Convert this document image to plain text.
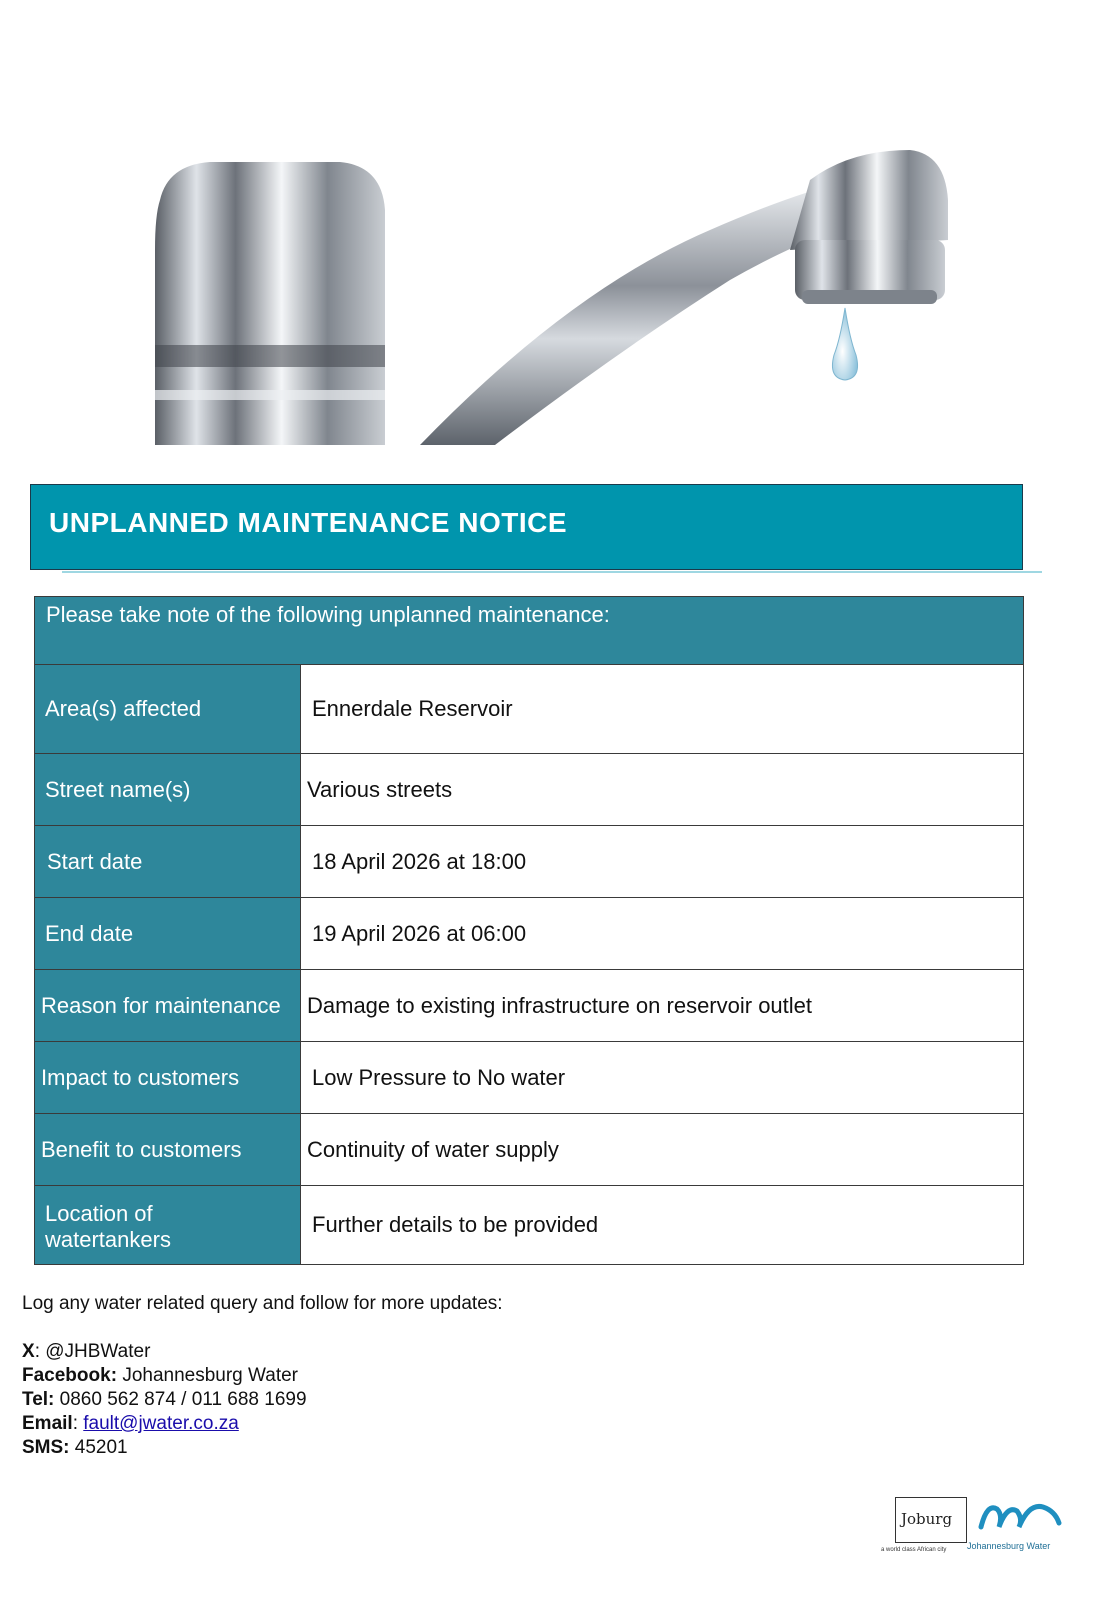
UNPLANNED MAINTENANCE NOTICE
Please take note of the following unplanned maintenance:	
Area(s) affected	Ennerdale Reservoir
Street name(s)	Various streets
Start date	18 April 2026 at 18:00
End date	19 April 2026 at 06:00
Reason for maintenance	Damage to existing infrastructure on reservoir outlet
Impact to customers	Low Pressure to No water
Benefit to customers	Continuity of water supply

Location of watertankers	Further details to be provided
Log any water related query and follow for more updates:
X: @JHBWater
Facebook: Johannesburg Water
Tel: 0860 562 874 / 011 688 1699
Email: fault@jwater.co.za
SMS: 45201
Joburg
a world class African city Johannesburg Water
